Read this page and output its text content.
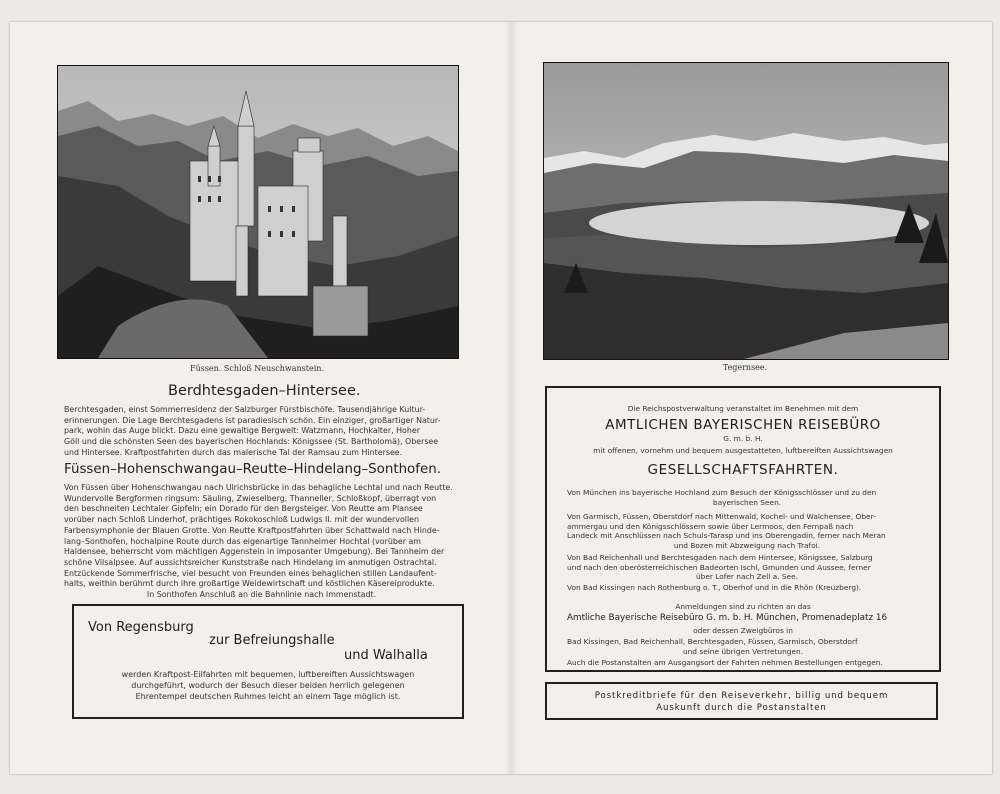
Füssen. Schloß Neuschwanstein.
Berdhtesgaden–Hintersee.
Berchtesgaden, einst Sommerresidenz der Salzburger Fürstbischöfe. Tausendjährige Kultur-
erinnerungen. Die Lage Berchtesgadens ist paradiesisch schön. Ein einziger, großartiger Natur-
park, wohin das Auge blickt. Dazu eine gewaltige Bergwelt: Watzmann, Hochkalter, Hoher
Göll und die schönsten Seen des bayerischen Hochlands: Königssee (St. Bartholomä), Obersee
und Hintersee. Kraftpostfahrten durch das malerische Tal der Ramsau zum Hintersee.
Füssen–Hohenschwangau–Reutte–Hindelang–Sonthofen.
Von Füssen über Hohenschwangau nach Ulrichsbrücke in das behagliche Lechtal und nach Reutte.
Wundervolle Bergformen ringsum: Säuling, Zwieselberg, Thanneller, Schloßkopf, überragt von
den beschneiten Lechtaler Gipfeln; ein Dorado für den Bergsteiger. Von Reutte am Plansee
vorüber nach Schloß Linderhof, prächtiges Rokokoschloß Ludwigs II. mit der wundervollen
Farbensymphonie der Blauen Grotte. Von Reutte Kraftpostfahrten über Schattwald nach Hinde-
lang–Sonthofen, hochalpine Route durch das eigenartige Tannheimer Hochtal (vorüber am
Haldensee, beherrscht vom mächtigen Aggenstein in imposanter Umgebung). Bei Tannheim der
schöne Vilsalpsee. Auf aussichtsreicher Kunststraße nach Hindelang im anmutigen Ostrachtal.
Entzückende Sommerfrische, viel besucht von Freunden eines behaglichen stillen Landaufent-
halts, weithin berühmt durch ihre großartige Weidewirtschaft und köstlichen Käsereiprodukte.
In Sonthofen Anschluß an die Bahnlinie nach Immenstadt.
Von Regensburg
zur Befreiungshalle
und Walhalla
werden Kraftpost-Eilfahrten mit bequemen, luftbereiften Aussichtswagen
durchgeführt, wodurch der Besuch dieser beiden herrlich gelegenen
Ehrentempel deutschen Ruhmes leicht an einem Tage möglich ist.
Tegernsee.
Die Reichspostverwaltung veranstaltet im Benehmen mit dem
AMTLICHEN BAYERISCHEN REISEBÜRO
G. m. b. H.
mit offenen, vornehm und bequem ausgestatteten, luftbereiften Aussichtswagen
GESELLSCHAFTSFAHRTEN.
Von München ins bayerische Hochland zum Besuch der Königsschlösser und zu den
bayerischen Seen.
Von Garmisch, Füssen, Oberstdorf nach Mittenwald, Kochel- und Walchensee, Ober-
ammergau und den Königsschlössern sowie über Lermoos, den Fernpaß nach
Landeck mit Anschlüssen nach Schuls-Tarasp und ins Oberengadin, ferner nach Meran
und Bozen mit Abzweigung nach Trafoi.
Von Bad Reichenhall und Berchtesgaden nach dem Hintersee, Königssee, Salzburg
und nach den oberösterreichischen Badeorten Ischl, Gmunden und Aussee, ferner
über Lofer nach Zell a. See.
Von Bad Kissingen nach Rothenburg o. T., Oberhof und in die Rhön (Kreuzberg).
Anmeldungen sind zu richten an das
Amtliche Bayerische Reisebüro G. m. b. H. München, Promenadeplatz 16
oder dessen Zweigbüros in
Bad Kissingen, Bad Reichenhall, Berchtesgaden, Füssen, Garmisch, Oberstdorf
und seine übrigen Vertretungen.
Auch die Postanstalten am Ausgangsort der Fahrten nehmen Bestellungen entgegen.
Postkreditbriefe für den Reiseverkehr, billig und bequem
Auskunft durch die Postanstalten
